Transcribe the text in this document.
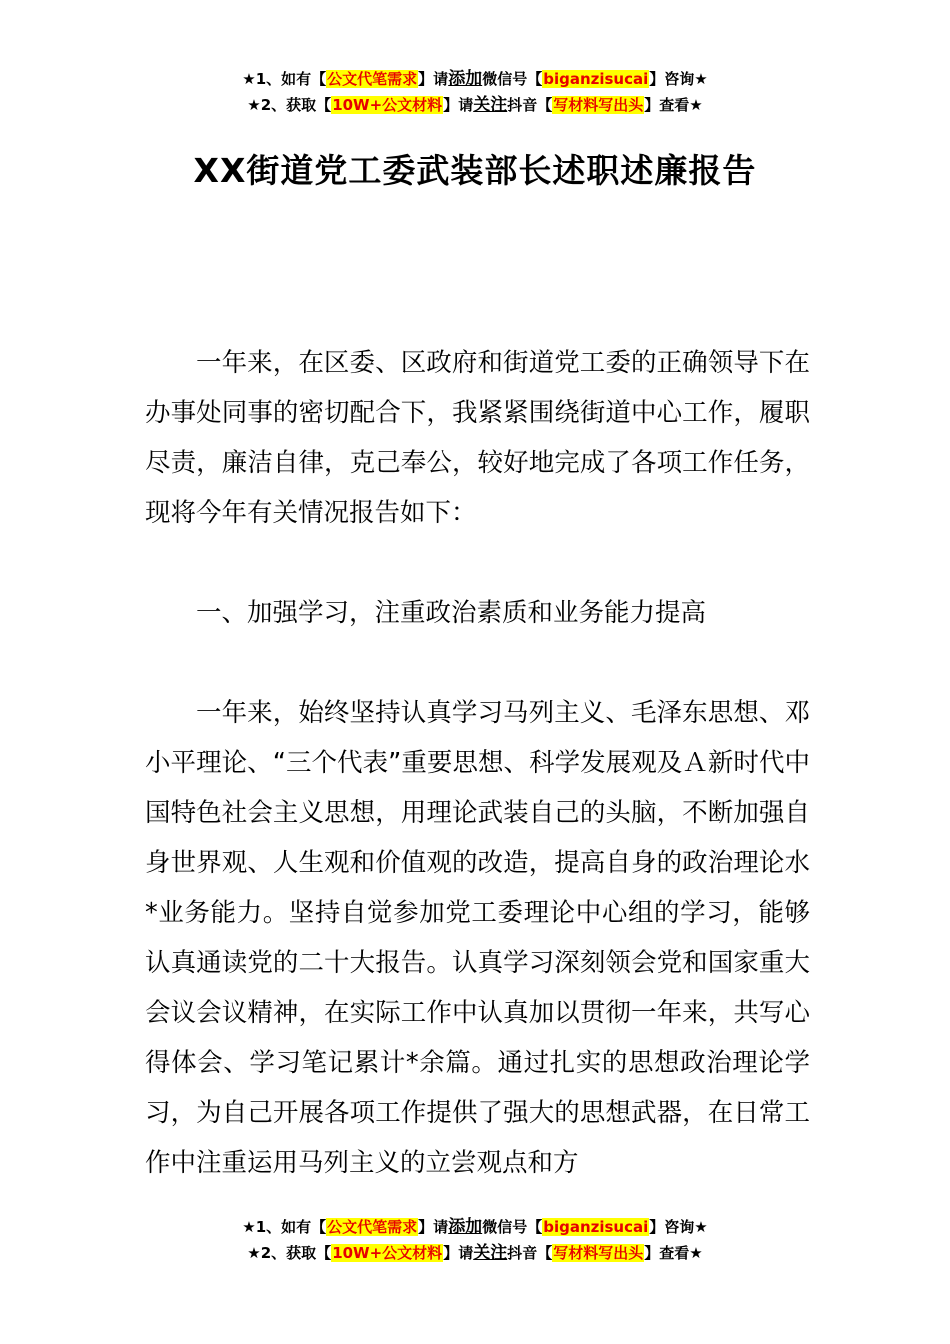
★1、如有【公文代笔需求】请添加微信号【biganzisucai】咨询★
★2、获取【10W+公文材料】请关注抖音【写材料写出头】查看★
XX街道党工委武装部长述职述廉报告

一年来，在区委、区政府和街道党工委的正确领导下在办事处同事的密切配合下，我紧紧围绕街道中心工作，履职尽责，廉洁自律，克己奉公，较好地完成了各项工作任务，现将今年有关情况报告如下：

一、加强学习，注重政治素质和业务能力提高

一年来，始终坚持认真学习马列主义、毛泽东思想、邓小平理论、“三个代表”重要思想、科学发展观及Ａ新时代中国特色社会主义思想，用理论武装自己的头脑，不断加强自身世界观、人生观和价值观的改造，提高自身的政治理论水*业务能力。坚持自觉参加党工委理论中心组的学习，能够认真通读党的二十大报告。认真学习深刻领会党和国家重大会议会议精神，在实际工作中认真加以贯彻一年来，共写心得体会、学习笔记累计*余篇。通过扎实的思想政治理论学习，为自己开展各项工作提供了强大的思想武器，在日常工作中注重运用马列主义的立尝观点和方

★1、如有【公文代笔需求】请添加微信号【biganzisucai】咨询★
★2、获取【10W+公文材料】请关注抖音【写材料写出头】查看★
